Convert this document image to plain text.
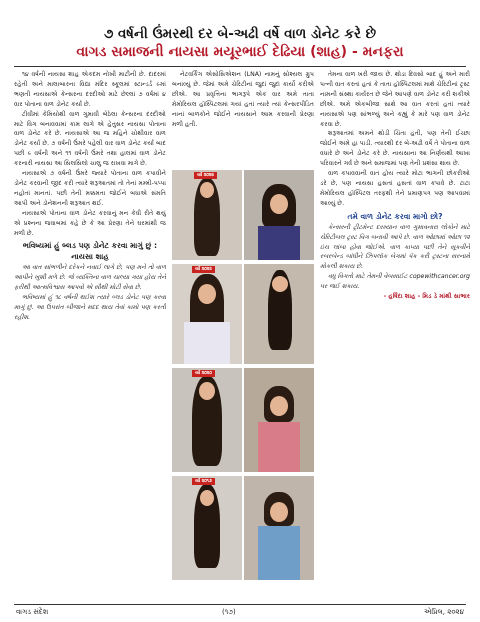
૭ વર્ષની ઉંમરથી દર બે-અઢી વર્ષે વાળ ડોનેટ કરે છે
વાગડ સમાજની નાયસા મયૂરભાઈ દેઢિયા (શાહ) - મનફરા

૧૪ વર્ષની નાયસા શાહ એકદમ નોખી માટીની છે. દાદરમાં રહેતી અને માલાબારના વિદ્યા મંદિર સ્કૂલમાં સ્ટાન્ડર્ડ ૯માં ભણતી નાયસાએ કેન્સરના દરદીઓ માટે છેલ્લાં ૭ વર્ષમાં ૪ વાર પોતાના વાળ ડોનેટ કર્યા છે.

ટીવીમાં કેમિયોથી વાળ ગુમાવી બેઠેલા કેન્સરના દરદીઓ માટે વિગ બનાવવામાં કામ લાગે એ હેતુસર નાયસા પોતાના વાળ ડોનેટ કરે છે. નાયસાએ આ જ મહિને ચોથીવાર વાળ ડોનેટ કર્યા છે. ૭ વર્ષની ઉંમરે પહેલી વાર વાળ ડોનેટ કર્યા બાદ પછી ૯ વર્ષની અને ૧૧ વર્ષની ઉંમરે તથા હાલમાં વાળ ડોનેટ કરનારી નાયસા આ સિલસિલો ચાલુ જ રાખવા માગે છે.

નાયસાએ ૭ વર્ષની ઉંમરે જ્યારે પોતાના વાળ કપાવીને ડોનેટ કરવાની જીદ કરી ત્યારે શરૂઆતમાં તો તેનાં મમ્મી-પપ્પા નહોતાં માનતાં. પછી તેની મક્કમતા જોઈને બધાએ સંમતિ આપી અને ડોનેશનની શરૂઆત થઈ.

નાયસાએ પોતાના વાળ ડોનેટ કરવાનું મન કેવી રીતે થયું એ પ્રશ્નના જવાબમાં કહે છે કે આ પ્રેરણા તેને ઘરમાંથી જ મળી છે.

ભવિષ્યમાં હું બ્લડ પણ ડોનેટ કરવા માગું છું : નાયસા શાહ

આ વાત સાંભળીને દરેકને નવાઈ લાગે છે, પણ મને તો વાળ આપીને ખુશી મળે છે. જે વ્યક્તિના વાળ ચાલ્યા ગયા હોય તેને ફરીથી આત્મવિશ્વાસ આપવો એ સૌથી મોટી સેવા છે.

ભવિષ્યમાં હું ૧૮ વર્ષની થઈશ ત્યારે બ્લડ ડોનેટ પણ કરવા માગું છું. આ ઉપરાંત બીજાને મદદ થાય તેવાં કામો પણ કરતી રહીશ.

નેટવર્કિંગ એસોસિએશન (LNA) નામનું સોશ્યલ ગ્રુપ બનાવ્યું છે. જેમાં અમે ચેરિટીનાં જુદાં જુદાં કાર્યો કરીએ છીએ. આ પ્રવૃત્તિના ભાગરૂપે એક વાર અમે તાતા મેમોરિયલ હૉસ્પિટલમાં ગયાં હતાં ત્યારે ત્યાં કેન્સરપીડિત નાનાં બાળકોને જોઈને નાયસાને આમ કરવાની પ્રેરણા મળી હતી.

વર્ષ ૨૦૨૪
વર્ષ ૨૦૨૨
વર્ષ ૨૦૨૦
વર્ષ ૨૦૧૭

તેમના વાળ ખરી જાય છે. થોડા દિવસો બાદ હું અને મારી પત્ની વાત કરતાં હતાં કે તાતા હૉસ્પિટલમાં માથે ચેરિટીનાં ટ્રસ્ટ નામની સંસ્થા કાર્યરત છે જેને આપણે વાળ ડોનેટ કરી શકીએ છીએ. અમે એકબીજા સાથે આ વાત કરતાં હતાં ત્યારે નાયસાએ પણ સાંભળ્યું અને કહ્યું કે મારે પણ વાળ ડોનેટ કરવા છે.

શરૂઆતમાં અમને થોડી ચિંતા હતી, પણ તેની ઈચ્છા જોઈને અમે હા પાડી. ત્યારથી દર બે-અઢી વર્ષે તે પોતાના વાળ વધારે છે અને ડોનેટ કરે છે. નાયસાના આ નિર્ણયથી આખા પરિવારને ગર્વ છે અને સમાજમાં પણ તેની પ્રશંસા થાય છે.

વાળ કપાવવાની વાત હોય ત્યારે મોટા ભાગની છોકરીઓ ડરે છે, પણ નાયસા હસતાં હસતાં વાળ કપાવે છે. ટાટા મેમોરિયલ હૉસ્પિટલ તરફથી તેને પ્રમાણપત્ર પણ આપવામાં આવ્યું છે.

તમે વાળ ડોનેટ કરવા માગો છો?

કેન્સરની ટ્રીટમેન્ટ દરમ્યાન વાળ ગુમાવનારા લોકોને માટે ચેરિટીબલ ટ્રસ્ટ વિગ બનાવી આપે છે. વાળ ઓછામાં ઓછા ૧૨ ઇંચ લાંબા હોવા જોઈએ. વાળ કાપ્યા પછી તેને સૂકવીને રબરબેન્ડ બાંધીને ઝિપલૉક બેગમાં પૅક કરી ટ્રસ્ટના સરનામે મોકલી શકાય છે.

વધુ વિગતો માટે તેમની વેબસાઈટ copewithcancer.org પર જઈ શકાય.

- હર્ષિદા શાહ - મિડ ડે માંથી સાભાર

વાગડ સંદેશ	(૧૭)	એપ્રિલ, ૨૦૨૪
